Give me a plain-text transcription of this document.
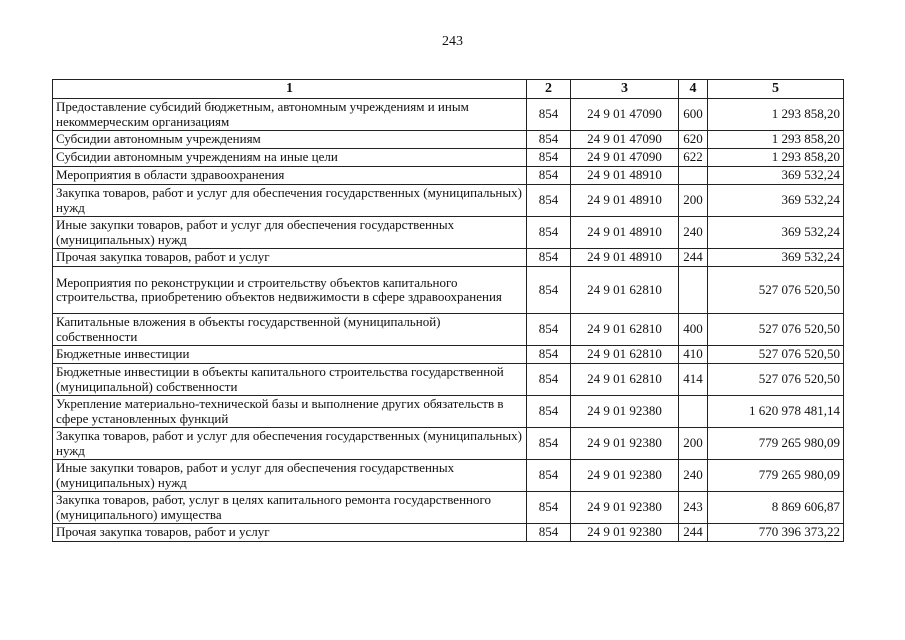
243
1	2	3	4	5
Предоставление субсидий бюджетным, автономным учреждениям и иным некоммерческим организациям	854	24 9 01 47090	600	1 293 858,20
Субсидии автономным учреждениям	854	24 9 01 47090	620	1 293 858,20
Субсидии автономным учреждениям на иные цели	854	24 9 01 47090	622	1 293 858,20
Мероприятия в области здравоохранения	854	24 9 01 48910		369 532,24
Закупка товаров, работ и услуг для обеспечения государственных (муниципальных) нужд	854	24 9 01 48910	200	369 532,24
Иные закупки товаров, работ и услуг для обеспечения государственных (муниципальных) нужд	854	24 9 01 48910	240	369 532,24
Прочая закупка товаров, работ и услуг	854	24 9 01 48910	244	369 532,24
Мероприятия по реконструкции и строительству объектов капитального строительства, приобретению объектов недвижимости в сфере здравоохранения	854	24 9 01 62810		527 076 520,50
Капитальные вложения в объекты государственной (муниципальной) собственности	854	24 9 01 62810	400	527 076 520,50
Бюджетные инвестиции	854	24 9 01 62810	410	527 076 520,50
Бюджетные инвестиции в объекты капитального строительства государственной (муниципальной) собственности	854	24 9 01 62810	414	527 076 520,50
Укрепление материально-технической базы и выполнение других обязательств в сфере установленных функций	854	24 9 01 92380		1 620 978 481,14
Закупка товаров, работ и услуг для обеспечения государственных (муниципальных) нужд	854	24 9 01 92380	200	779 265 980,09
Иные закупки товаров, работ и услуг для обеспечения государственных (муниципальных) нужд	854	24 9 01 92380	240	779 265 980,09
Закупка товаров, работ, услуг в целях капитального ремонта государственного (муниципального) имущества	854	24 9 01 92380	243	8 869 606,87
Прочая закупка товаров, работ и услуг	854	24 9 01 92380	244	770 396 373,22
